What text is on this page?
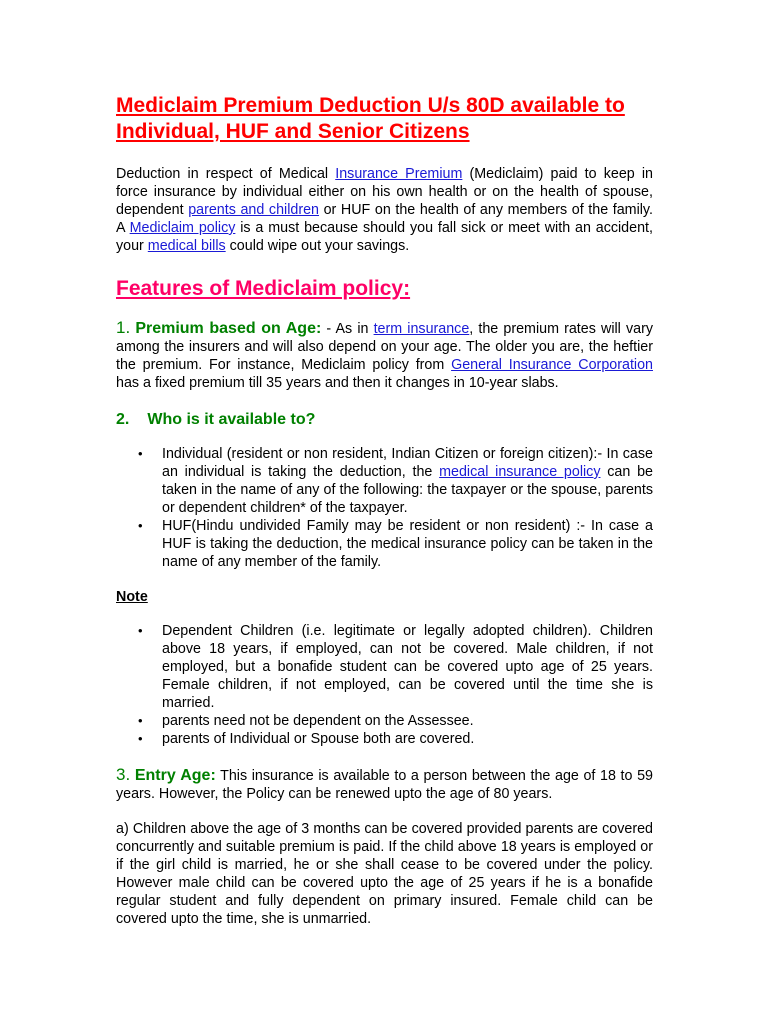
Mediclaim Premium Deduction U/s 80D available to Individual, HUF and Senior Citizens

Deduction in respect of Medical Insurance Premium (Mediclaim) paid to keep in force insurance by individual either on his own health or on the health of spouse, dependent parents and children or HUF on the health of any members of the family. A Mediclaim policy is a must because should you fall sick or meet with an accident, your medical bills could wipe out your savings.

Features of Mediclaim policy:

1. Premium based on Age: - As in term insurance, the premium rates will vary among the insurers and will also depend on your age. The older you are, the heftier the premium. For instance, Mediclaim policy from General Insurance Corporation has a fixed premium till 35 years and then it changes in 10-year slabs.

2. Who is it available to?
• Individual (resident or non resident, Indian Citizen or foreign citizen):- In case an individual is taking the deduction, the medical insurance policy can be taken in the name of any of the following: the taxpayer or the spouse, parents or dependent children* of the taxpayer.
• HUF(Hindu undivided Family may be resident or non resident) :- In case a HUF is taking the deduction, the medical insurance policy can be taken in the name of any member of the family.

Note

• Dependent Children (i.e. legitimate or legally adopted children). Children above 18 years, if employed, can not be covered. Male children, if not employed, but a bonafide student can be covered upto age of 25 years. Female children, if not employed, can be covered until the time she is married.
• parents need not be dependent on the Assessee.
• parents of Individual or Spouse both are covered.

3. Entry Age: This insurance is available to a person between the age of 18 to 59 years. However, the Policy can be renewed upto the age of 80 years.

a) Children above the age of 3 months can be covered provided parents are covered concurrently and suitable premium is paid. If the child above 18 years is employed or if the girl child is married, he or she shall cease to be covered under the policy. However male child can be covered upto the age of 25 years if he is a bonafide regular student and fully dependent on primary insured. Female child can be covered upto the time, she is unmarried.
